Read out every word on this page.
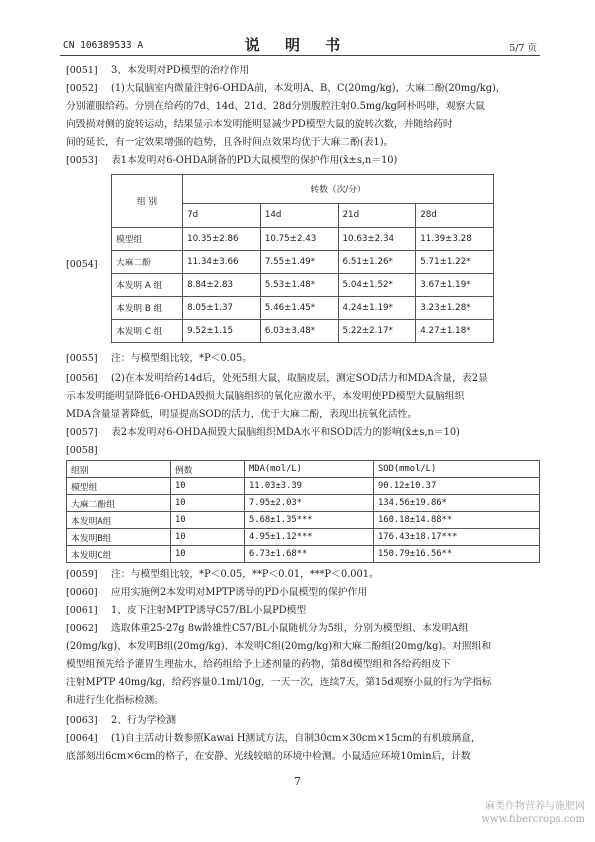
CN 106389533 A	说 明 书	5/7 页
[0051] 3、本发明对PD模型的治疗作用
[0052] (1)大鼠脑室内微量注射6-OHDA前，本发明A、B、C(20mg/kg)，大麻二酚(20mg/kg)，
分别灌服给药。分别在给药的7d、14d、21d、28d分别腹腔注射0.5mg/kg阿朴吗啡，观察大鼠
向毁损对侧的旋转运动，结果显示本发明能明显减少PD模型大鼠的旋转次数，并随给药时
间的延长，有一定效果增强的趋势，且各时间点效果均优于大麻二酚(表1)。
[0053] 表1本发明对6-OHDA制备的PD大鼠模型的保护作用(x̄±s,n＝10)
[0054]
组 别	转数（次/分）			
	7d	14d	21d	28d
模型组	10.35±2.86	10.75±2.43	10.63±2.34	11.39±3.28
大麻二酚	11.34±3.66	7.55±1.49*	6.51±1.26*	5.71±1.22*
本发明 A 组	8.84±2.83	5.53±1.48*	5.04±1.52*	3.67±1.19*
本发明 B 组	8.05±1.37	5.46±1.45*	4.24±1.19*	3.23±1.28*
本发明 C 组	9.52±1.15	6.03±3.48*	5.22±2.17*	4.27±1.18*
[0055] 注：与模型组比较，*P＜0.05。
[0056] (2)在本发明给药14d后，处死5组大鼠，取脑皮层，测定SOD活力和MDA含量，表2显
示本发明能明显降低6-OHDA毁损大鼠脑组织的氧化应激水平，本发明使PD模型大鼠脑组织
MDA含量显著降低，明显提高SOD的活力，优于大麻二酚，表现出抗氧化活性。
[0057] 表2本发明对6-OHDA损毁大鼠脑组织MDA水平和SOD活力的影响(x̄±s,n＝10)
[0058]
组别	例数	MDA(mol/L)	SOD(mmol/L)
模型组	10	11.03±3.39	90.12±10.37
大麻二酚组	10	7.95±2.03*	134.56±19.86*
本发明A组	10	5.68±1.35***	160.18±14.88**
本发明B组	10	4.95±1.12***	176.43±18.17***
本发明C组	10	6.73±1.68**	150.79±16.56**
[0059] 注：与模型组比较，*P＜0.05，**P＜0.01，***P＜0.001。
[0060] 应用实施例2本发明对MPTP诱导的PD小鼠模型的保护作用
[0061] 1、皮下注射MPTP诱导C57/BL小鼠PD模型
[0062] 选取体重25-27g 8w龄雄性C57/BL小鼠随机分为5组，分别为模型组、本发明A组
(20mg/kg)、本发明B组(20mg/kg)、本发明C组(20mg/kg)和大麻二酚组(20mg/kg)。对照组和
模型组预先给予灌胃生理盐水，给药组给予上述剂量的药物，第8d模型组和各给药组皮下
注射MPTP 40mg/kg，给药容量0.1ml/10g，一天一次，连续7天，第15d观察小鼠的行为学指标
和进行生化指标检测。
[0063] 2、行为学检测
[0064] (1)自主活动计数参照Kawai H测试方法，自制30cm×30cm×15cm的有机玻璃盒，
底部刻出6cm×6cm的格子，在安静、光线较暗的环境中检测。小鼠适应环境10min后，计数
7
麻类作物营养与施肥网
www.fibercrops.com
